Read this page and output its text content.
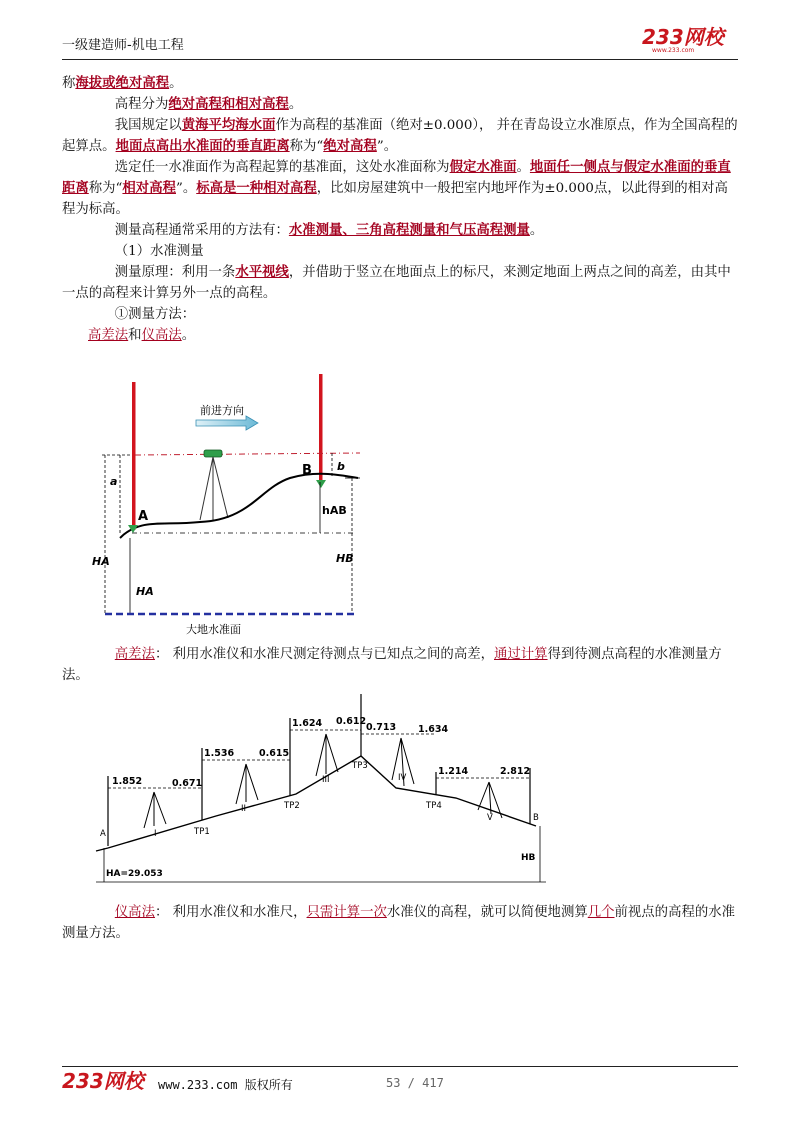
一级建造师-机电工程	233网校
www.233.com

称海拔或绝对高程。

高程分为绝对高程和相对高程。

我国规定以黄海平均海水面作为高程的基准面（绝对±0.000）， 并在青岛设立水准原点，作为全国高程的起算点。地面点高出水准面的垂直距离称为“绝对高程”。

选定任一水准面作为高程起算的基准面，这处水准面称为假定水准面。地面任一侧点与假定水准面的垂直距离称为“相对高程”。标高是一种相对高程，比如房屋建筑中一般把室内地坪作为±0.000点，以此得到的相对高程为标高。

测量高程通常采用的方法有：水准测量、三角高程测量和气压高程测量。

（1）水准测量

测量原理：利用一条水平视线，并借助于竖立在地面点上的标尺，来测定地面上两点之间的高差，由其中一点的高程来计算另外一点的高程。

①测量方法：

高差法和仪高法。

前进方向
A
B
a
HA
HA
b
hAB
HB
大地水准面

高差法： 利用水准仪和水准尺测定待测点与已知点之间的高差，通过计算得到待测点高程的水准测量方法。

1.852	0.671
1.536	0.615
1.624 0.612
0.713 1.634
1.214	2.812
I
II
III	IV
V
TP1
TP2
TP3
TP4
A
B
HB
HA=29.053

仪高法： 利用水准仪和水准尺，只需计算一次水准仪的高程，就可以简便地测算几个前视点的高程的水准测量方法。

233网校	www.233.com 版权所有	53 / 417
